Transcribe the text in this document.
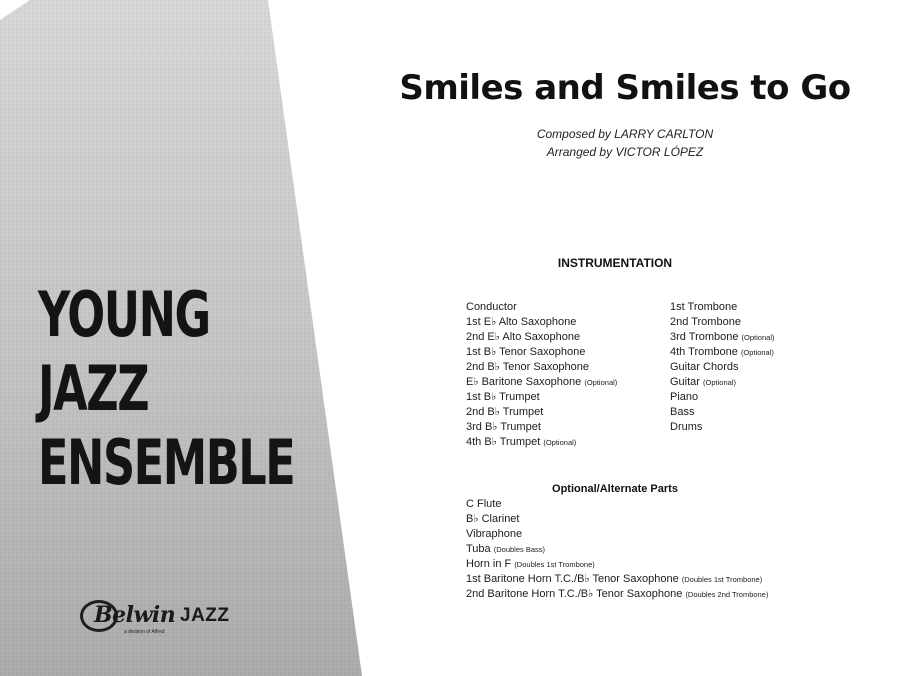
YOUNG
JAZZ
ENSEMBLE
Belwin JAZZ
a division of Alfred
Smiles and Smiles to Go
Composed by LARRY CARLTON
Arranged by VICTOR LÓPEZ
INSTRUMENTATION
Conductor
1st E♭ Alto Saxophone
2nd E♭ Alto Saxophone
1st B♭ Tenor Saxophone
2nd B♭ Tenor Saxophone
E♭ Baritone Saxophone (Optional)
1st B♭ Trumpet
2nd B♭ Trumpet
3rd B♭ Trumpet
4th B♭ Trumpet (Optional)
1st Trombone
2nd Trombone
3rd Trombone (Optional)
4th Trombone (Optional)
Guitar Chords
Guitar (Optional)
Piano
Bass
Drums
Optional/Alternate Parts
C Flute
B♭ Clarinet
Vibraphone
Tuba (Doubles Bass)
Horn in F (Doubles 1st Trombone)
1st Baritone Horn T.C./B♭ Tenor Saxophone (Doubles 1st Trombone)
2nd Baritone Horn T.C./B♭ Tenor Saxophone (Doubles 2nd Trombone)
